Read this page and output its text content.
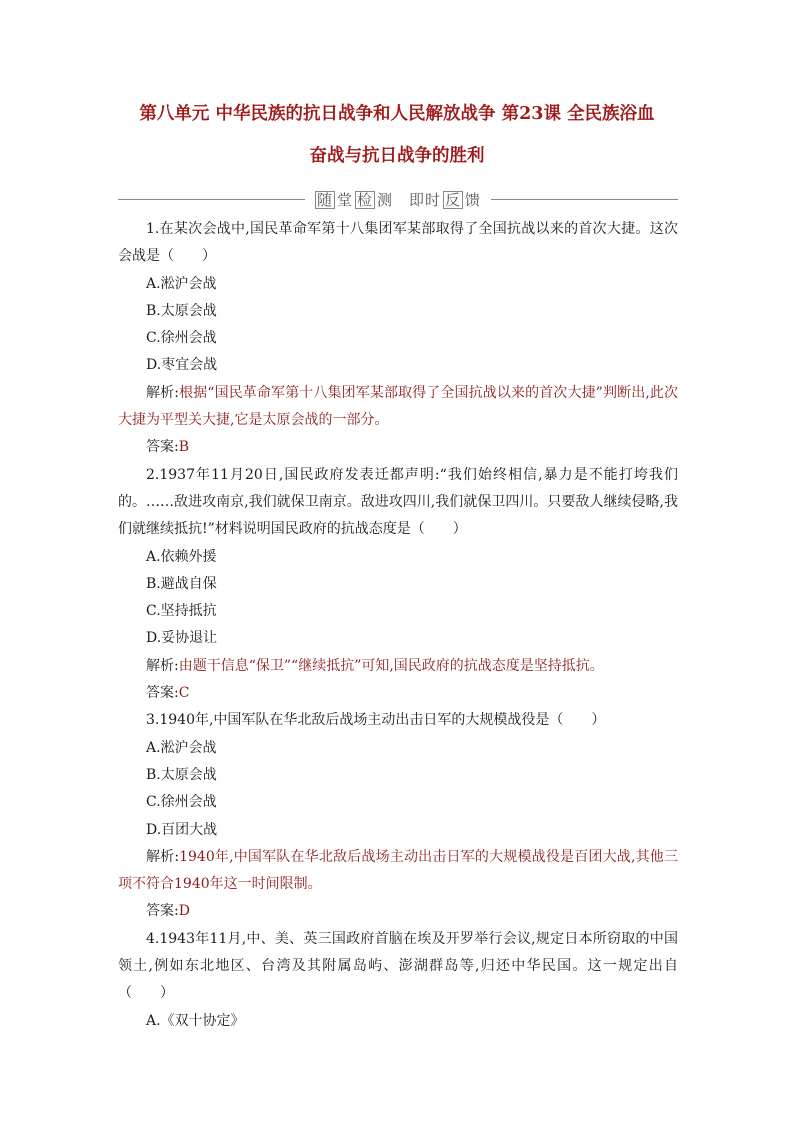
第八单元 中华民族的抗日战争和人民解放战争 第23课 全民族浴血
奋战与抗日战争的胜利
随 堂 检 测 即时 反 馈
1.在某次会战中,国民革命军第十八集团军某部取得了全国抗战以来的首次大捷。这次会战是（　　）
A.淞沪会战
B.太原会战
C.徐州会战
D.枣宜会战
解析:根据“国民革命军第十八集团军某部取得了全国抗战以来的首次大捷”判断出,此次大捷为平型关大捷,它是太原会战的一部分。
答案:B
2.1937年11月20日,国民政府发表迁都声明:“我们始终相信,暴力是不能打垮我们的。……敌进攻南京,我们就保卫南京。敌进攻四川,我们就保卫四川。只要敌人继续侵略,我们就继续抵抗!”材料说明国民政府的抗战态度是（　　）
A.依赖外援
B.避战自保
C.坚持抵抗
D.妥协退让
解析:由题干信息“保卫”“继续抵抗”可知,国民政府的抗战态度是坚持抵抗。
答案:C
3.1940年,中国军队在华北敌后战场主动出击日军的大规模战役是（　　）
A.淞沪会战
B.太原会战
C.徐州会战
D.百团大战
解析:1940年,中国军队在华北敌后战场主动出击日军的大规模战役是百团大战,其他三项不符合1940年这一时间限制。
答案:D
4.1943年11月,中、美、英三国政府首脑在埃及开罗举行会议,规定日本所窃取的中国领土,例如东北地区、台湾及其附属岛屿、澎湖群岛等,归还中华民国。这一规定出自（　　）
A.《双十协定》
